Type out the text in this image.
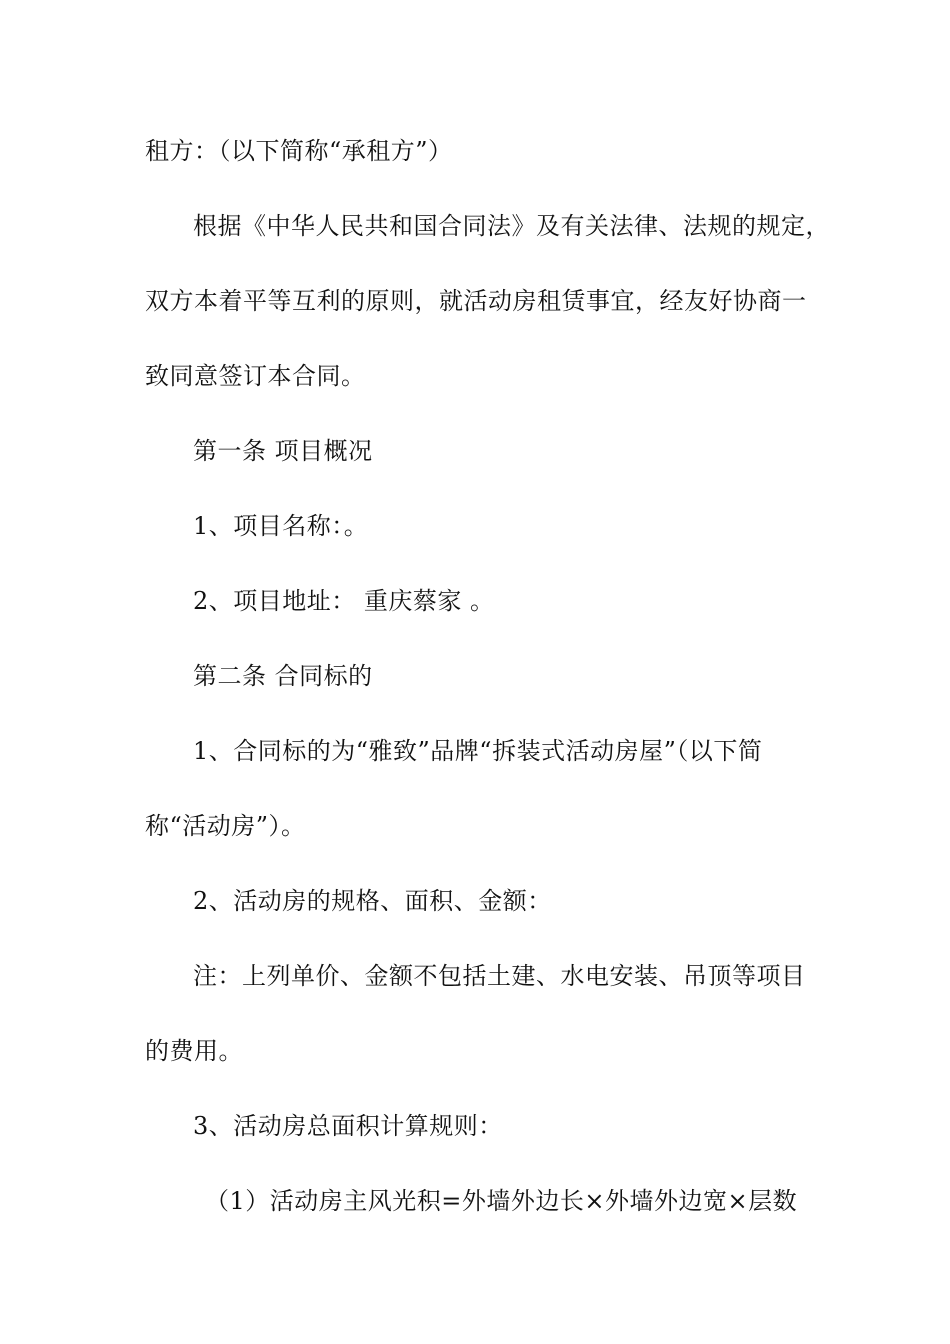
租方：（以下简称“承租方”）
根据《中华人民共和国合同法》及有关法律、法规的规定，
双方本着平等互利的原则，就活动房租赁事宜，经友好协商一
致同意签订本合同。
第一条 项目概况
1、项目名称：。
2、项目地址： 重庆蔡家 。
第二条 合同标的
1、合同标的为“雅致”品牌“拆装式活动房屋”（以下简
称“活动房”）。
2、活动房的规格、面积、金额：
注：上列单价、金额不包括土建、水电安装、吊顶等项目
的费用。
3、活动房总面积计算规则：
（1）活动房主风光积=外墙外边长×外墙外边宽×层数
